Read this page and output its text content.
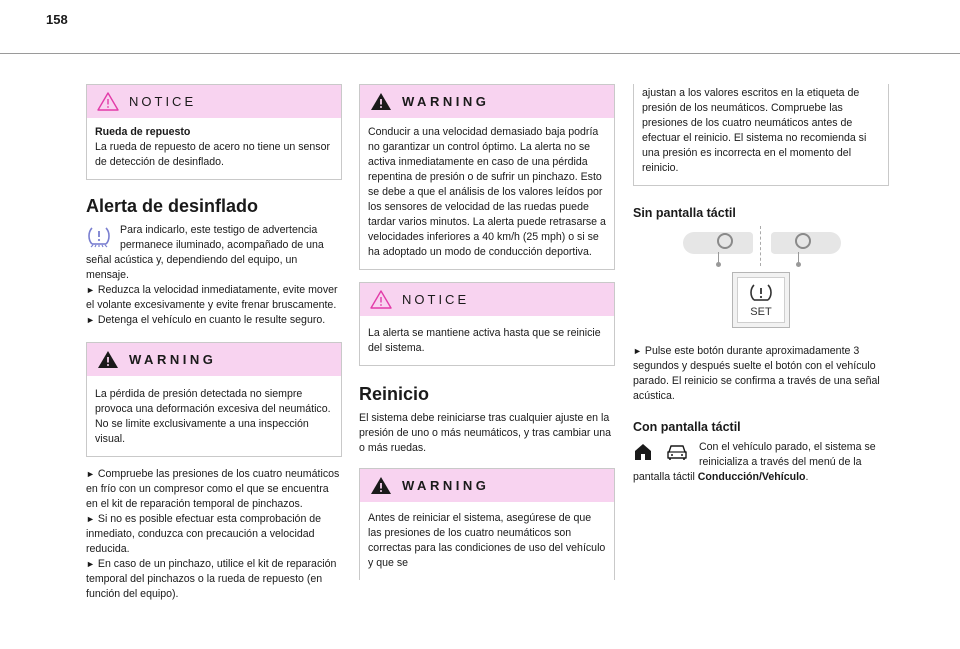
158
NOTICE

Rueda de repuesto

La rueda de repuesto de acero no tiene un sensor de detección de desinflado.

Alerta de desinflado

Para indicarlo, este testigo de advertencia permanece iluminado, acompañado de una señal acústica y, dependiendo del equipo, un mensaje.

► Reduzca la velocidad inmediatamente, evite mover el volante excesivamente y evite frenar bruscamente.

► Detenga el vehículo en cuanto le resulte seguro.

WARNING

La pérdida de presión detectada no siempre provoca una deformación excesiva del neumático. No se limite exclusivamente a una inspección visual.

► Compruebe las presiones de los cuatro neumáticos en frío con un compresor como el que se encuentra en el kit de reparación temporal de pinchazos.

► Si no es posible efectuar esta comprobación de inmediato, conduzca con precaución a velocidad reducida.

► En caso de un pinchazo, utilice el kit de reparación temporal del pinchazos o la rueda de repuesto (en función del equipo).

WARNING

Conducir a una velocidad demasiado baja podría no garantizar un control óptimo. La alerta no se activa inmediatamente en caso de una pérdida repentina de presión o de sufrir un pinchazo. Esto se debe a que el análisis de los valores leídos por los sensores de velocidad de las ruedas puede tardar varios minutos. La alerta puede retrasarse a velocidades inferiores a 40 km/h (25 mph) o si se ha adoptado un modo de conducción deportiva.

NOTICE

La alerta se mantiene activa hasta que se reinicie del sistema.

Reinicio

El sistema debe reiniciarse tras cualquier ajuste en la presión de uno o más neumáticos, y tras cambiar una o más ruedas.

WARNING

Antes de reiniciar el sistema, asegúrese de que las presiones de los cuatro neumáticos son correctas para las condiciones de uso del vehículo y que se

ajustan a los valores escritos en la etiqueta de presión de los neumáticos. Compruebe las presiones de los cuatro neumáticos antes de efectuar el reinicio. El sistema no recomienda si una presión es incorrecta en el momento del reinicio.

Sin pantalla táctil
SET

► Pulse este botón durante aproximadamente 3 segundos y después suelte el botón con el vehículo parado. El reinicio se confirma a través de una señal acústica.

Con pantalla táctil

Con el vehículo parado, el sistema se reinicializa a través del menú de la pantalla táctil Conducción/Vehículo.
